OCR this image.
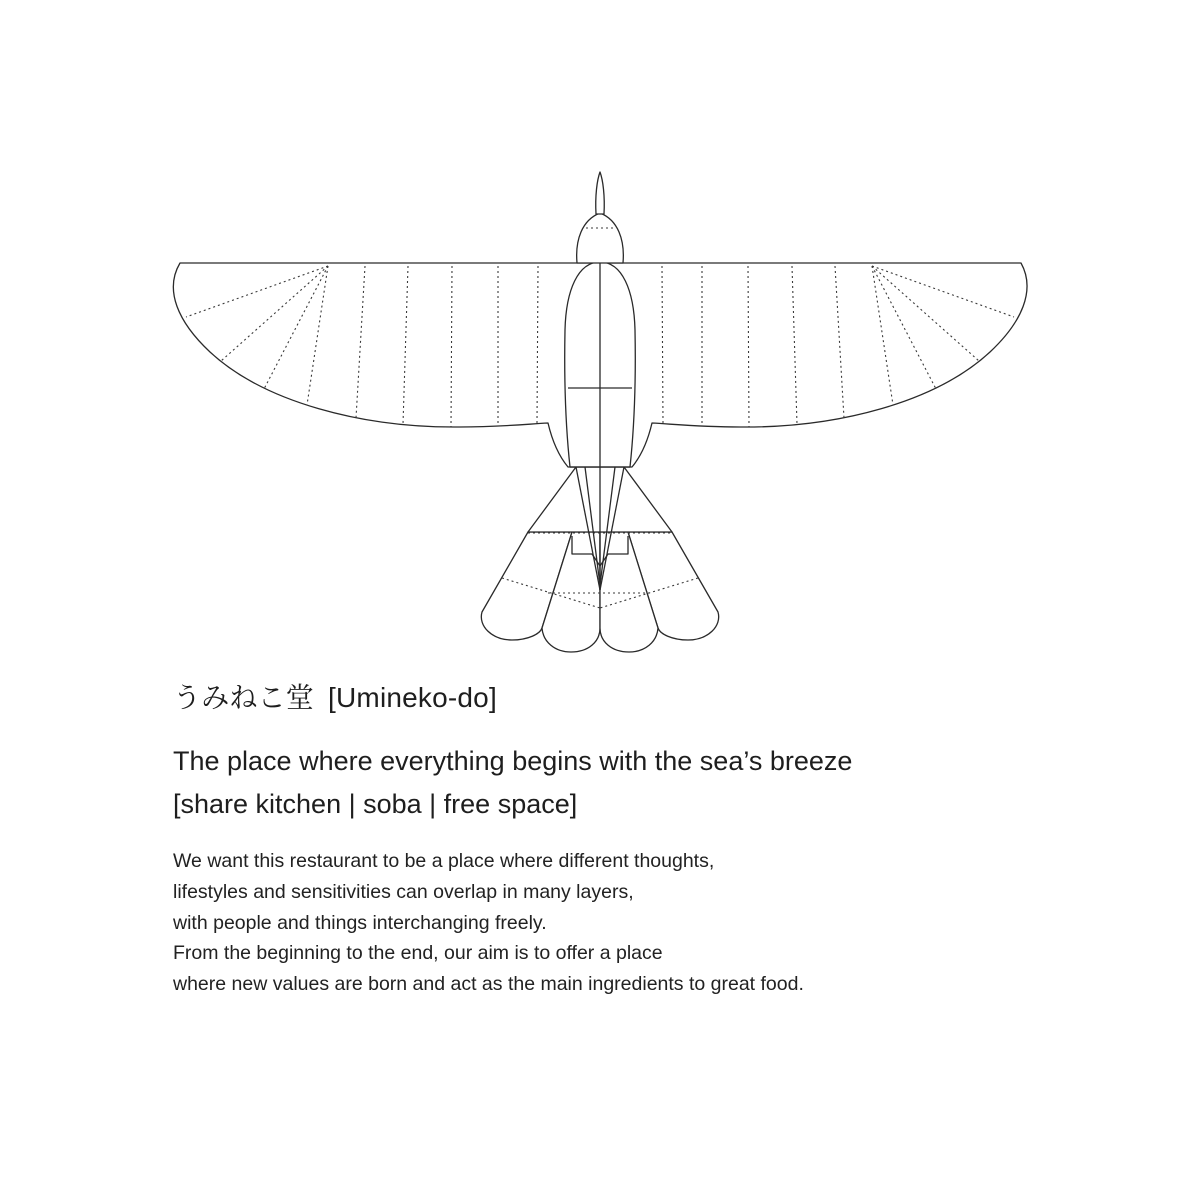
うみねこ堂 [Umineko-do]
The place where everything begins with the sea’s breeze
[share kitchen | soba | free space]
We want this restaurant to be a place where different thoughts,
lifestyles and sensitivities can overlap in many layers,
with people and things interchanging freely.
From the beginning to the end, our aim is to offer a place
where new values are born and act as the main ingredients to great food.
